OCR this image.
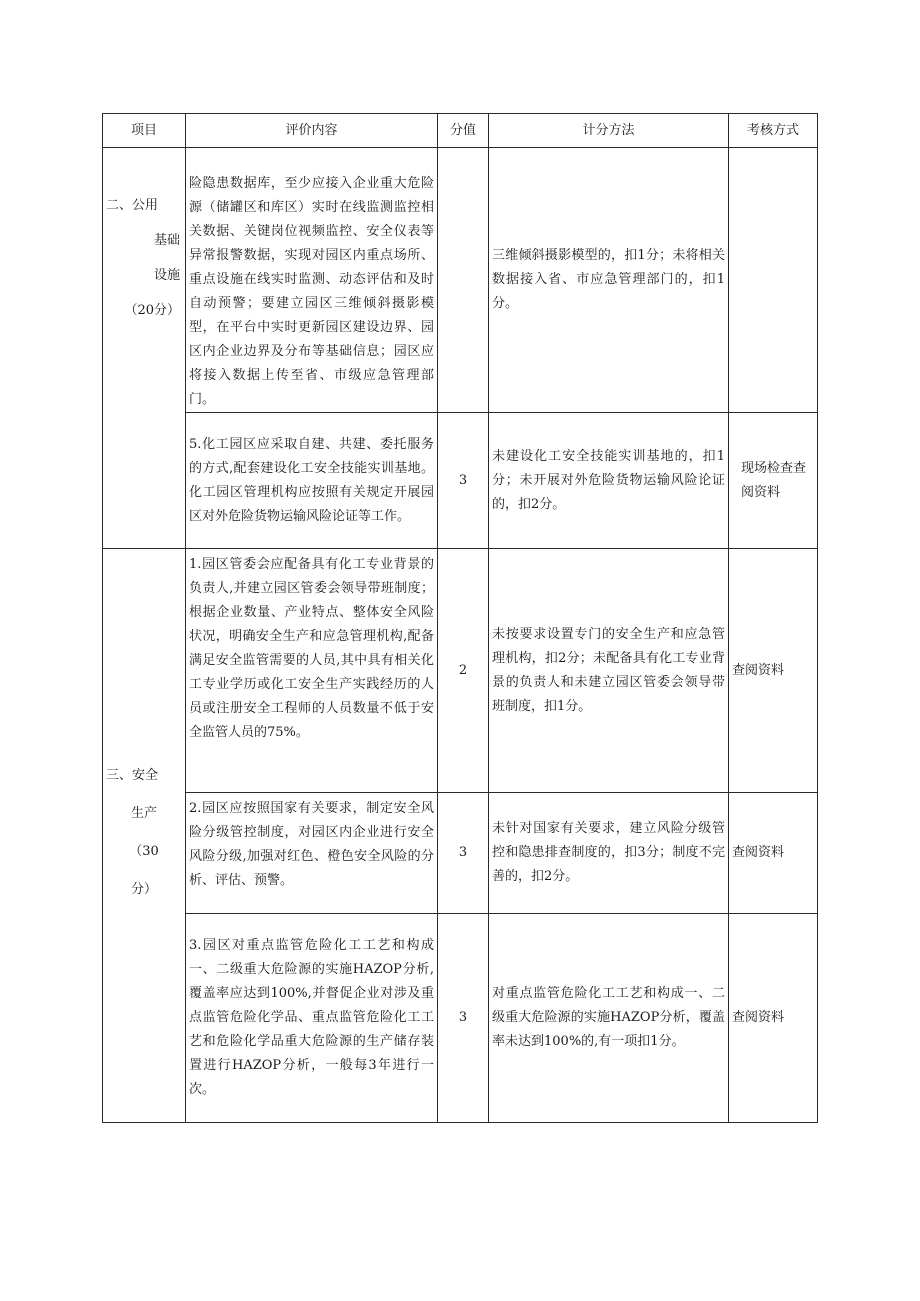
项目	评价内容	分值	计分方法	考核方式

二、公用
基础
设施
（20分）	险隐患数据库，至少应接入企业重大危险源（储罐区和库区）实时在线监测监控相关数据、关键岗位视频监控、安全仪表等异常报警数据，实现对园区内重点场所、重点设施在线实时监测、动态评估和及时自动预警；要建立园区三维倾斜摄影模型，在平台中实时更新园区建设边界、园区内企业边界及分布等基础信息；园区应将接入数据上传至省、市级应急管理部门。		三维倾斜摄影模型的，扣1分；未将相关数据接入省、市应急管理部门的，扣1分。	
	5.化工园区应采取自建、共建、委托服务的方式,配套建设化工安全技能实训基地。化工园区管理机构应按照有关规定开展园区对外危险货物运输风险论证等工作。	3	未建设化工安全技能实训基地的，扣1分；未开展对外危险货物运输风险论证的，扣2分。	现场检查查阅资料

三、安全
生产
（30
分）	1.园区管委会应配备具有化工专业背景的负责人,并建立园区管委会领导带班制度；根据企业数量、产业特点、整体安全风险状况，明确安全生产和应急管理机构,配备满足安全监管需要的人员,其中具有相关化工专业学历或化工安全生产实践经历的人员或注册安全工程师的人员数量不低于安全监管人员的75%。	2	未按要求设置专门的安全生产和应急管理机构，扣2分；未配备具有化工专业背景的负责人和未建立园区管委会领导带班制度，扣1分。	查阅资料
	2.园区应按照国家有关要求，制定安全风险分级管控制度，对园区内企业进行安全风险分级,加强对红色、橙色安全风险的分析、评估、预警。	3	未针对国家有关要求，建立风险分级管控和隐患排查制度的，扣3分；制度不完善的，扣2分。	查阅资料
	3.园区对重点监管危险化工工艺和构成一、二级重大危险源的实施HAZOP分析,覆盖率应达到100%,并督促企业对涉及重点监管危险化学品、重点监管危险化工工艺和危险化学品重大危险源的生产储存装置进行HAZOP分析，一般每3年进行一次。	3	对重点监管危险化工工艺和构成一、二级重大危险源的实施HAZOP分析，覆盖率未达到100%的,有一项扣1分。	查阅资料
